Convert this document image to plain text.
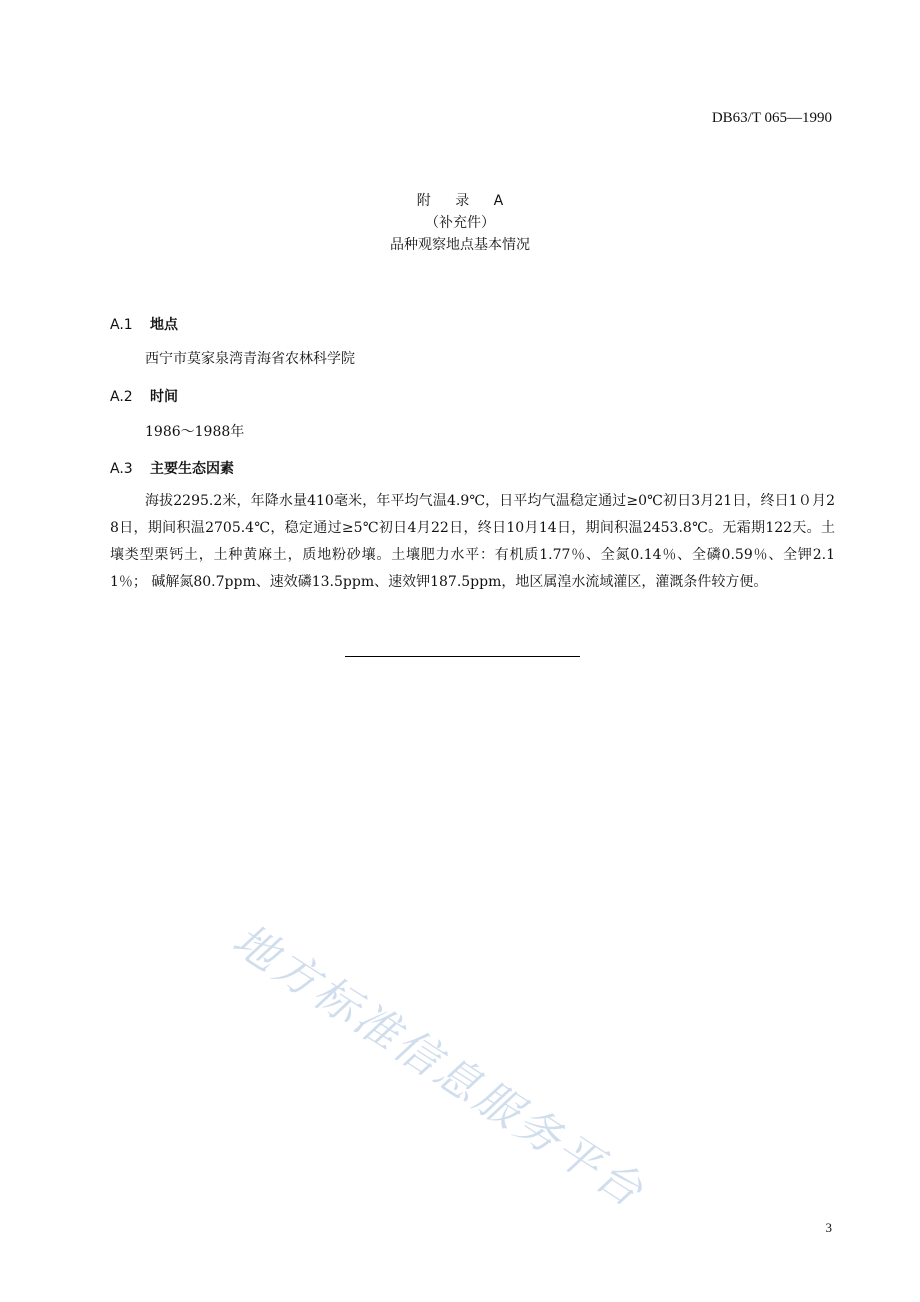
DB63/T 065—1990
附 录 A
（补充件）
品种观察地点基本情况
A.1 地点
西宁市莫家泉湾青海省农林科学院
A.2 时间
1986～1988年
A.3 主要生态因素
海拔2295.2米，年降水量410毫米，年平均气温4.9℃，日平均气温稳定通过≥0℃初日3月21日，终日1０月28日，期间积温2705.4℃，稳定通过≥5℃初日4月22日，终日10月14日，期间积温2453.8℃。无霜期122天。土壤类型栗钙土，土种黄麻土，质地粉砂壤。土壤肥力水平：有机质1.77％、全氮0.14％、全磷0.59％、全钾2.11％； 碱解氮80.7ppm、速效磷13.5ppm、速效钾187.5ppm，地区属湟水流域灌区，灌溉条件较方便。
地方标准信息服务平台
3
